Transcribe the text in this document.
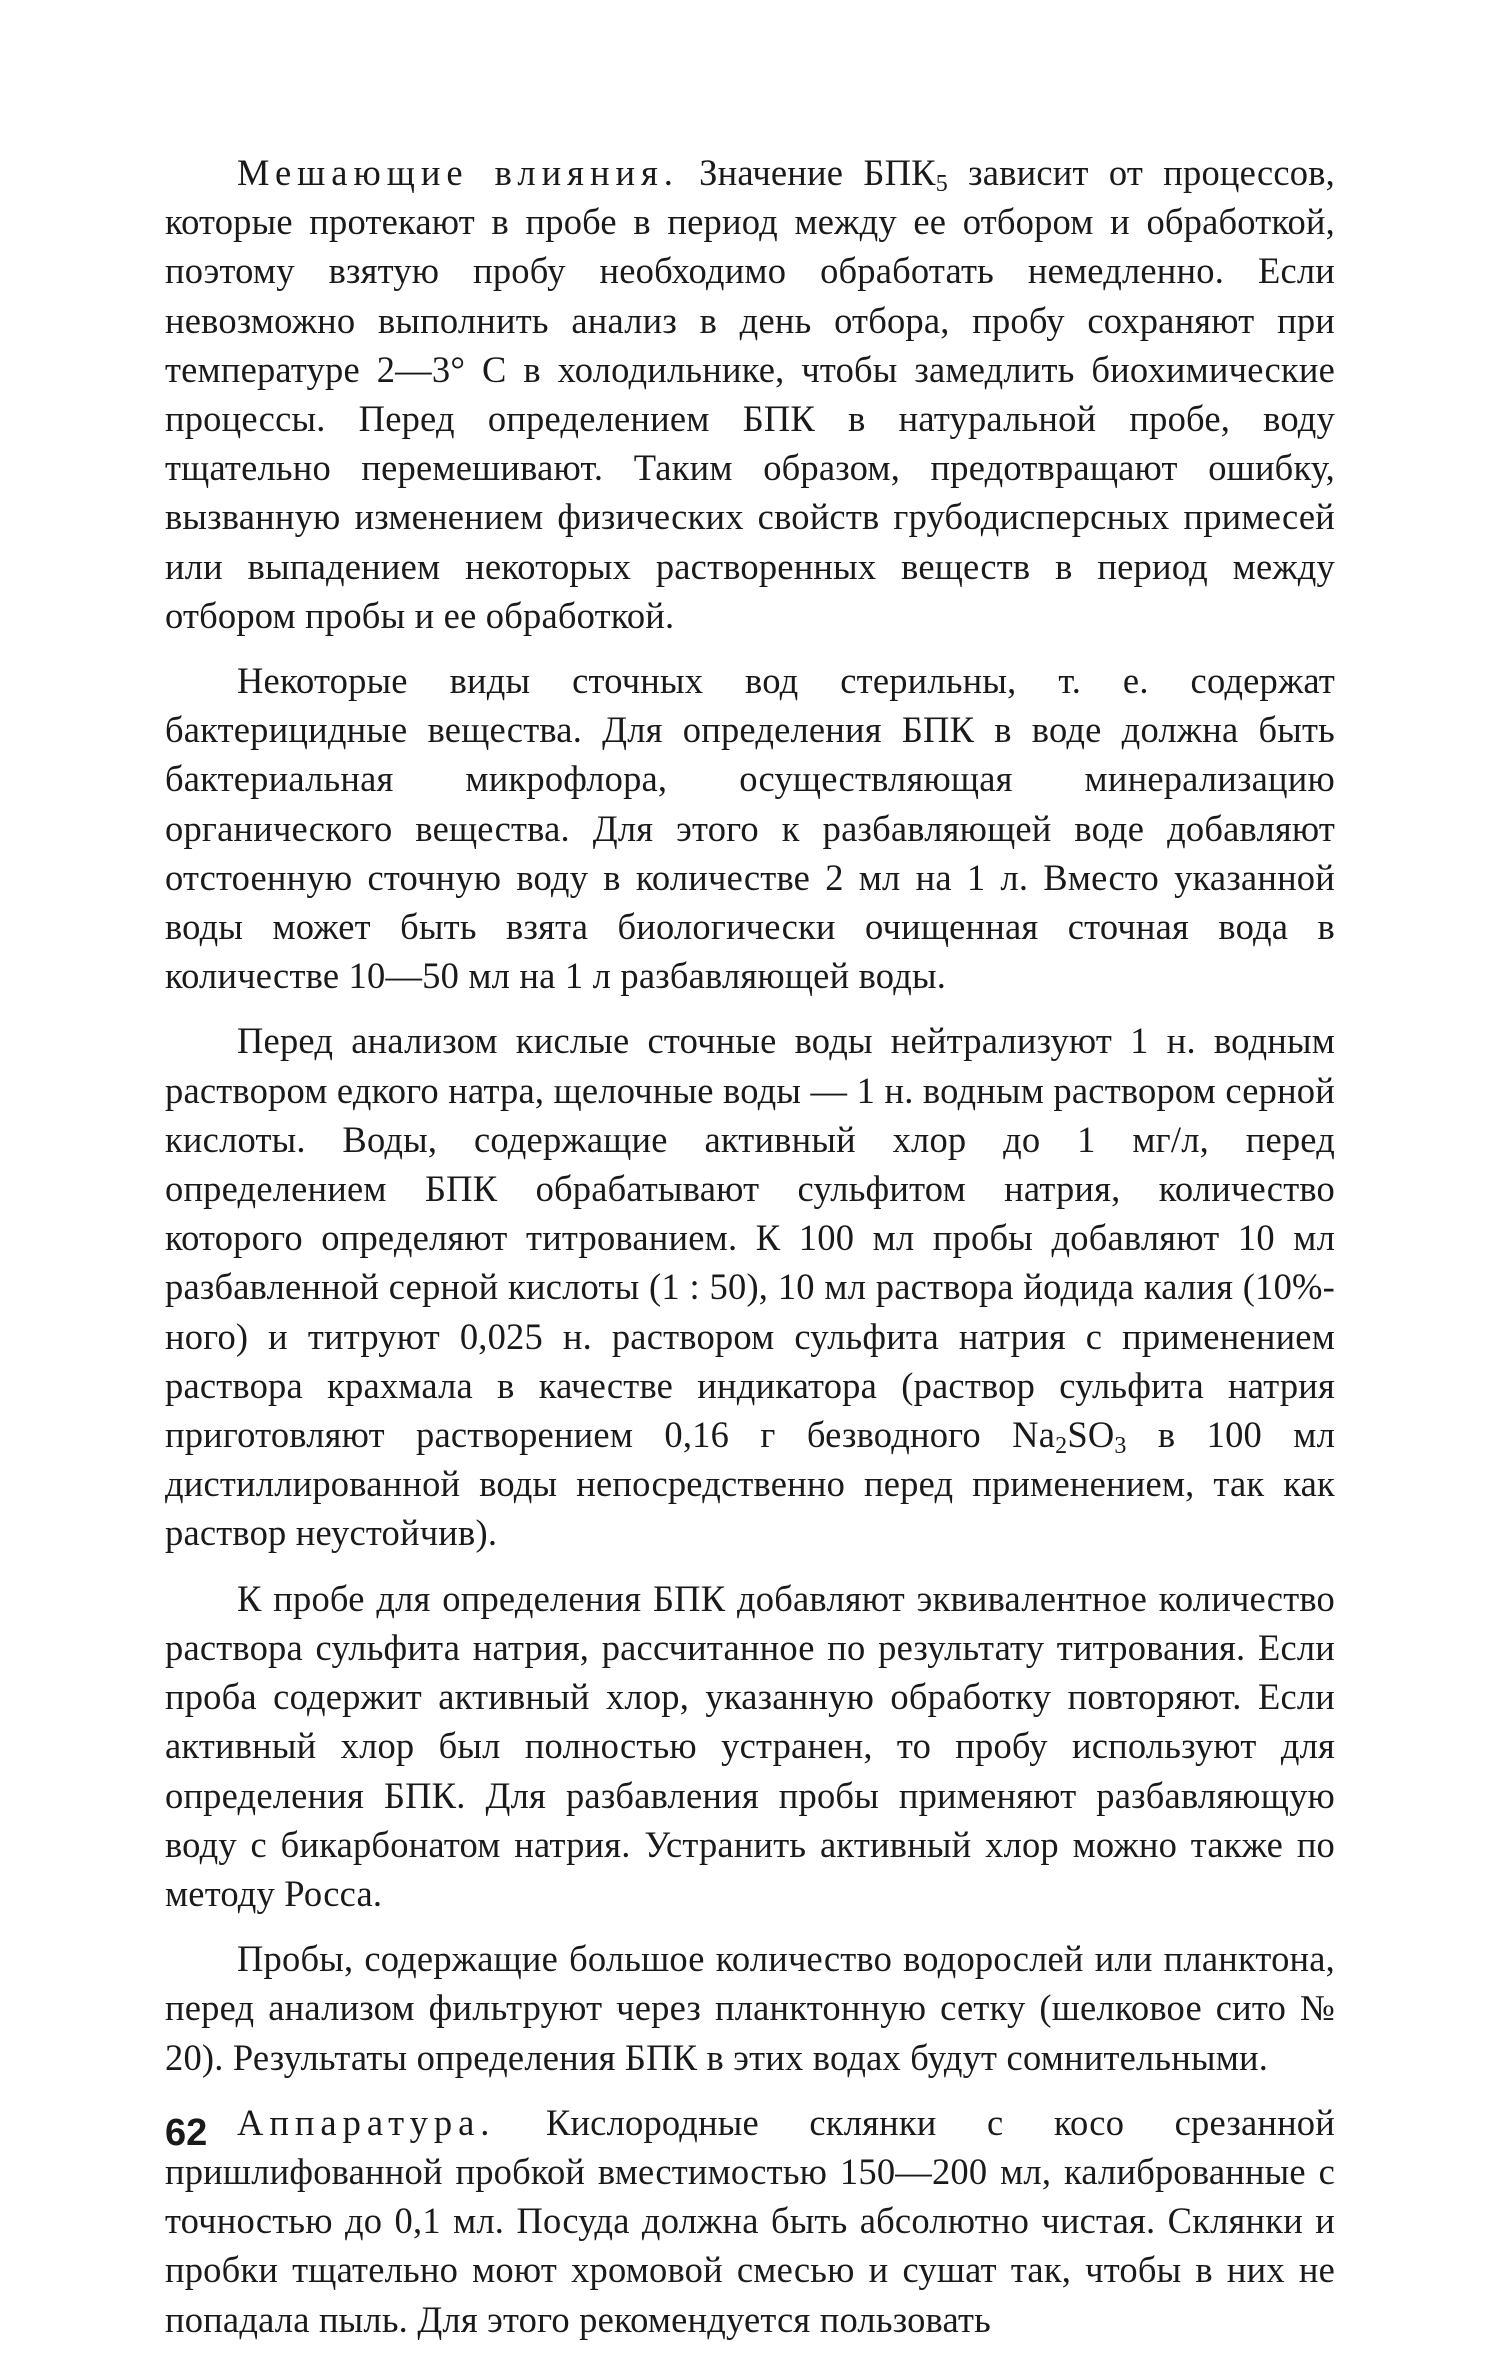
Мешающие влияния. Значение $БПК_5$ зависит от процессов, которые протекают в пробе в период между ее отбором и обработкой, поэтому взятую пробу необходимо обработать немедленно. Если невозможно выполнить анализ в день отбора, пробу сохраняют при температуре 2—3° С в холодильнике, чтобы замедлить биохимические процессы. Перед определением БПК в натуральной пробе, воду тщательно перемешивают. Таким образом, предотвращают ошибку, вызванную изменением физических свойств грубодисперсных примесей или выпадением некоторых растворенных веществ в период между отбором пробы и ее обработкой.

Некоторые виды сточных вод стерильны, т. е. содержат бактерицидные вещества. Для определения БПК в воде должна быть бактериальная микрофлора, осуществляющая минерализацию органического вещества. Для этого к разбавляющей воде добавляют отстоенную сточную воду в количестве 2 мл на 1 л. Вместо указанной воды может быть взята биологически очищенная сточная вода в количестве 10—50 мл на 1 л разбавляющей воды.

Перед анализом кислые сточные воды нейтрализуют 1 н. водным раствором едкого натра, щелочные воды — 1 н. водным раствором серной кислоты. Воды, содержащие активный хлор до 1 мг/л, перед определением БПК обрабатывают сульфитом натрия, количество которого определяют титрованием. К 100 мл пробы добавляют 10 мл разбавленной серной кислоты (1 : 50), 10 мл раствора йодида калия (10%-ного) и титруют 0,025 н. раствором сульфита натрия с применением раствора крахмала в качестве индикатора (раствор сульфита натрия приготовляют растворением 0,16 г безводного $Na_2SO_3$ в 100 мл дистиллированной воды непосредственно перед применением, так как раствор неустойчив).

К пробе для определения БПК добавляют эквивалентное количество раствора сульфита натрия, рассчитанное по результату титрования. Если проба содержит активный хлор, указанную обработку повторяют. Если активный хлор был полностью устранен, то пробу используют для определения БПК. Для разбавления пробы применяют разбавляющую воду с бикарбонатом натрия. Устранить активный хлор можно также по методу Росса.

Пробы, содержащие большое количество водорослей или планктона, перед анализом фильтруют через планктонную сетку (шелковое сито № 20). Результаты определения БПК в этих водах будут сомнительными.

Аппаратура. Кислородные склянки с косо срезанной пришлифованной пробкой вместимостью 150—200 мл, калиброванные с точностью до 0,1 мл. Посуда должна быть абсолютно чистая. Склянки и пробки тщательно моют хромовой смесью и сушат так, чтобы в них не попадала пыль. Для этого рекомендуется пользовать

62
